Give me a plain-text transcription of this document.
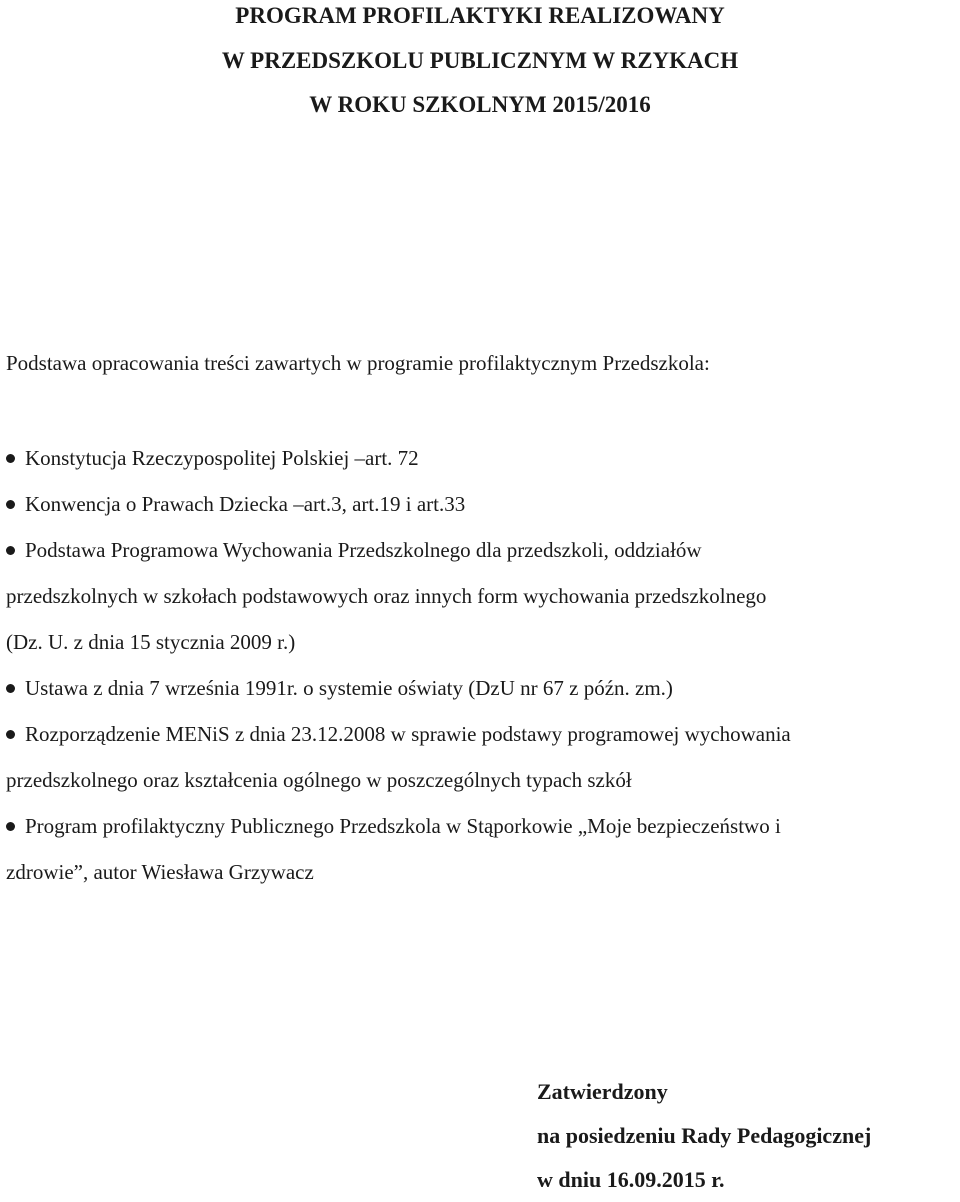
PROGRAM PROFILAKTYKI REALIZOWANY
W PRZEDSZKOLU PUBLICZNYM W RZYKACH
W ROKU SZKOLNYM 2015/2016
Podstawa opracowania treści zawartych w programie profilaktycznym Przedszkola:
Konstytucja Rzeczypospolitej Polskiej –art. 72
Konwencja o Prawach Dziecka –art.3, art.19 i art.33
Podstawa Programowa Wychowania Przedszkolnego dla przedszkoli, oddziałów
przedszkolnych w szkołach podstawowych oraz innych form wychowania przedszkolnego
(Dz. U. z dnia 15 stycznia 2009 r.)
Ustawa z dnia 7 września 1991r. o systemie oświaty (DzU nr 67 z późn. zm.)
Rozporządzenie MENiS z dnia 23.12.2008 w sprawie podstawy programowej wychowania
przedszkolnego oraz kształcenia ogólnego w poszczególnych typach szkół
Program profilaktyczny Publicznego Przedszkola w Stąporkowie „Moje bezpieczeństwo i
zdrowie”, autor Wiesława Grzywacz
Zatwierdzony
na posiedzeniu Rady Pedagogicznej
w dniu 16.09.2015 r.
